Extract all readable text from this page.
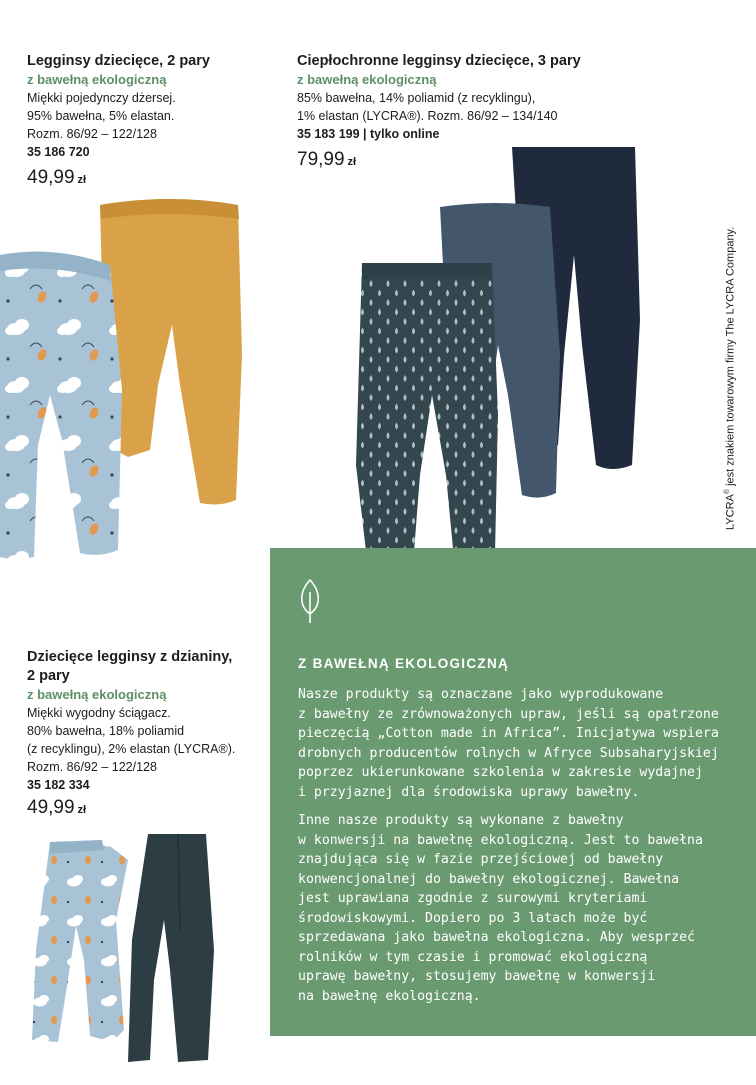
Legginsy dziecięce, 2 pary
z bawełną ekologiczną
Miękki pojedynczy dżersej.
95% bawełna, 5% elastan.
Rozm. 86/92 – 122/128
35 186 720
49,99 zł
Ciepłochronne legginsy dziecięce, 3 pary
z bawełną ekologiczną
85% bawełna, 14% poliamid (z recyklingu),
1% elastan (LYCRA®). Rozm. 86/92 – 134/140
35 183 199 | tylko online
79,99 zł
Dziecięce legginsy z dzianiny,
2 pary
z bawełną ekologiczną
Miękki wygodny ściągacz.
80% bawełna, 18% poliamid
(z recyklingu), 2% elastan (LYCRA®).
Rozm. 86/92 – 122/128
35 182 334
49,99 zł
Z BAWEŁNĄ EKOLOGICZNĄ

Nasze produkty są oznaczane jako wyprodukowane
z bawełny ze zrównoważonych upraw, jeśli są opatrzone
pieczęcią „Cotton made in Africa”. Inicjatywa wspiera
drobnych producentów rolnych w Afryce Subsaharyjskiej
poprzez ukierunkowane szkolenia w zakresie wydajnej
i przyjaznej dla środowiska uprawy bawełny.

Inne nasze produkty są wykonane z bawełny
w konwersji na bawełnę ekologiczną. Jest to bawełna
znajdująca się w fazie przejściowej od bawełny
konwencjonalnej do bawełny ekologicznej. Bawełna
jest uprawiana zgodnie z surowymi kryteriami
środowiskowymi. Dopiero po 3 latach może być
sprzedawana jako bawełna ekologiczna. Aby wesprzeć
rolników w tym czasie i promować ekologiczną
uprawę bawełny, stosujemy bawełnę w konwersji
na bawełnę ekologiczną.

LYCRA® jest znakiem towarowym firmy The LYCRA Company.
